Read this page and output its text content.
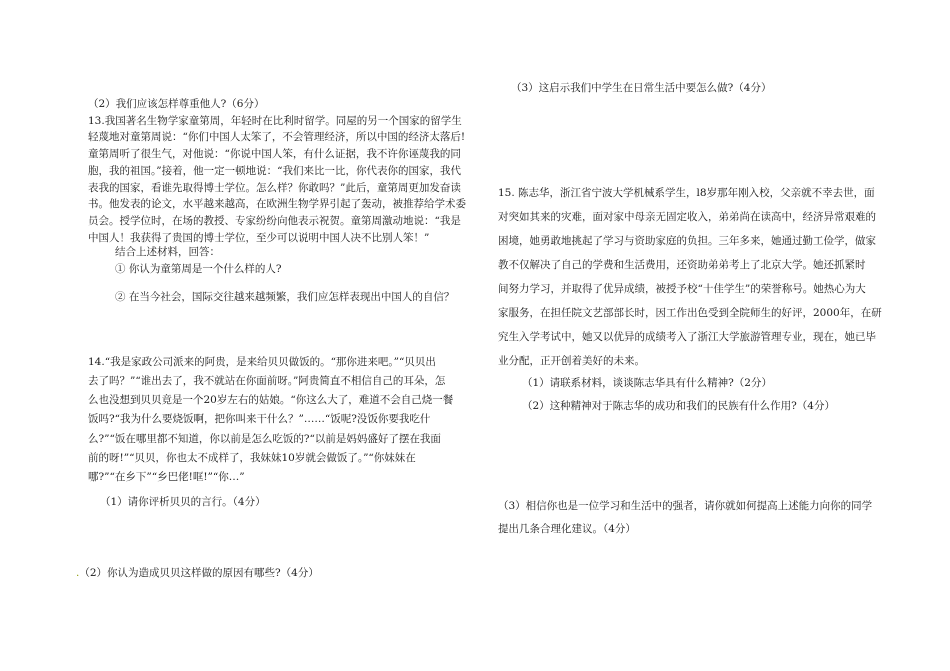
（2）我们应该怎样尊重他人?（6分）
13.我国著名生物学家童第周，年轻时在比利时留学。同屋的另一个国家的留学生
轻蔑地对童第周说：“你们中国人太笨了，不会管理经济，所以中国的经济太落后!
童第周听了很生气，对他说：“你说中国人笨，有什么证据，我不许你诬蔑我的同
胞，我的祖国。”接着，他一定一顿地说：“我们来比一比，你代表你的国家，我代
表我的国家，看谁先取得博士学位。怎么样？你敢吗？”此后，童第周更加发奋读
书。他发表的论文，水平越来越高，在欧洲生物学界引起了轰动，被推荐给学术委
员会。授学位时，在场的教授、专家纷纷向他表示祝贺。童第周激动地说：“我是
中国人！我获得了贵国的博士学位，至少可以说明中国人决不比别人笨！”
结合上述材料，回答：
① 你认为童第周是一个什么样的人?
② 在当今社会，国际交往越来越频繁，我们应怎样表现出中国人的自信？
14.“我是家政公司派来的阿贵，是来给贝贝做饭的。“那你进来吧。”“贝贝出
去了吗？”“谁出去了，我不就站在你面前呀。”阿贵简直不相信自己的耳朵，怎
么也没想到贝贝竟是一个20岁左右的姑娘。“你这么大了，难道不会自己烧一餐
饭吗?“我为什么要烧饭啊，把你叫来干什么？”……“饭呢?没饭你要我吃什
么?”“饭在哪里都不知道，你以前是怎么吃饭的?“以前是妈妈盛好了摆在我面
前的呀!”“贝贝，你也太不成样了，我妹妹10岁就会做饭了。”“你妹妹在
哪?”“在乡下”“乡巴佬!哐!”“你…”
（1）请你评析贝贝的言行。（4分）
.（2）你认为造成贝贝这样做的原因有哪些?（4分）
（3）这启示我们中学生在日常生活中要怎么做?（4分）
15. 陈志华，浙江省宁波大学机械系学生，l8岁那年刚入校，父亲就不幸去世，面
对突如其来的灾难，面对家中母亲无固定收入，弟弟尚在读高中，经济异常艰难的
困境，她勇敢地挑起了学习与资助家庭的负担。三年多来，她通过勤工俭学，做家
教不仅解决了自己的学费和生活费用，还资助弟弟考上了北京大学。她还抓紧时
间努力学习，并取得了优异成绩，被授予校“十佳学生”的荣誉称号。她热心为大
家服务，在担任院文艺部部长时，因工作出色受到全院师生的好评，2000年，在研
究生入学考试中，她又以优异的成绩考入了浙江大学旅游管理专业，现在，她已毕
业分配，正开创着美好的未来。
（1）请联系材料，谈谈陈志华具有什么精神?（2分）
（2）这种精神对于陈志华的成功和我们的民族有什么作用?（4分）
（3）相信你也是一位学习和生活中的强者，请你就如何提高上述能力向你的同学
提出几条合理化建议。（4分）
